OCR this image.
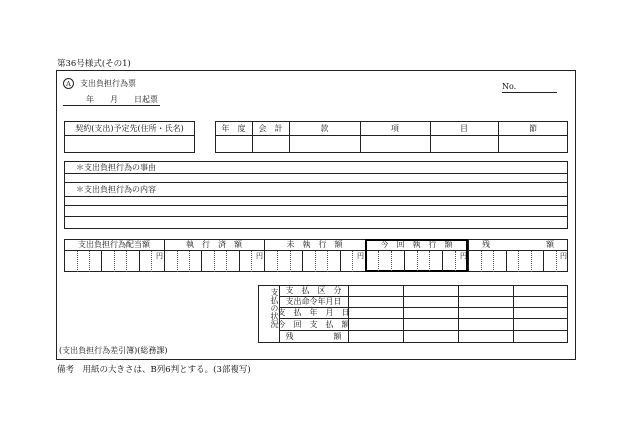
第36号様式(その1)
A 支出負担行為票
年　　月　　日起票
No.
契約(支出)予定先(住所・氏名)	年　度	会　計	款	項	目	節
＊支出負担行為の事由
＊支出負担行為の内容
支出負担行為配当額	執　行　済　額	未　執　行　額	今　回　執　行　額	残　　　　　　　額
円	円	円	円	円
支払の状況 支　払　区　分
支出命令年月日
支　払　年　月　日
今　回　支　払　額
残　　　　　額
(支出負担行為差引簿)(総務課)
備考　用紙の大きさは、B列6判とする。(3部複写)
